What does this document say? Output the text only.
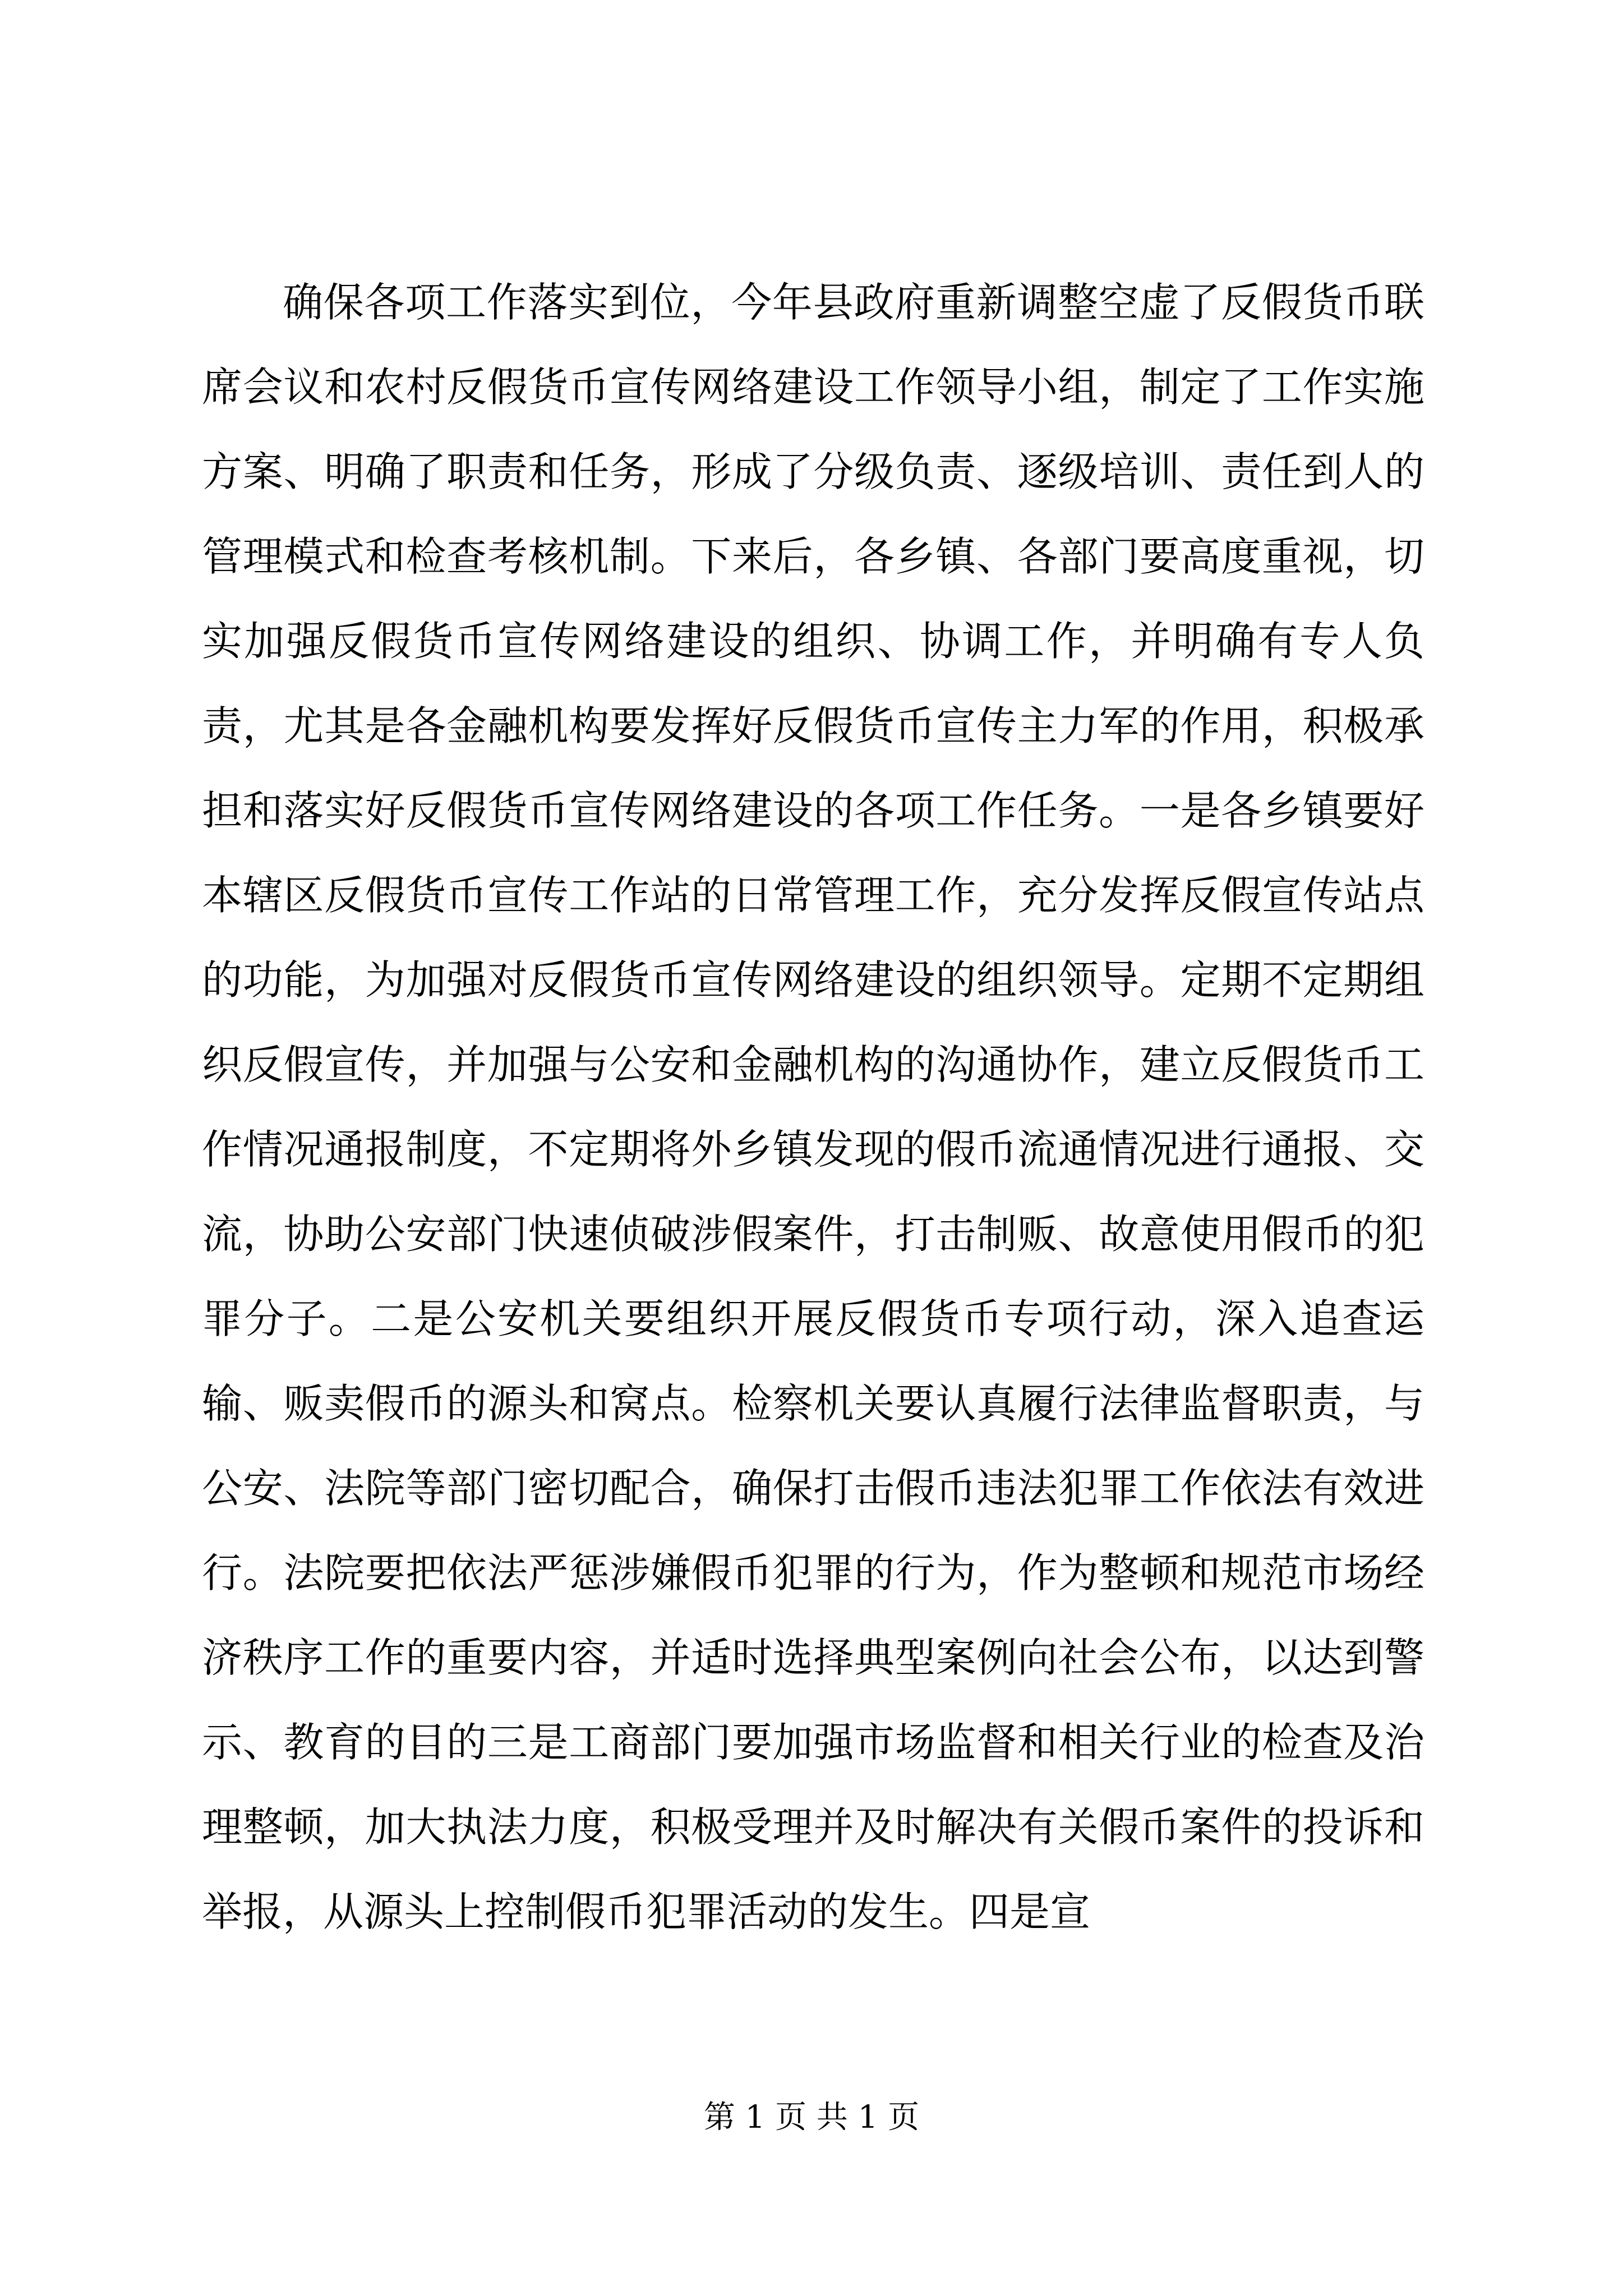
确保各项工作落实到位，今年县政府重新调整空虚了反假货币联席会议和农村反假货币宣传网络建设工作领导小组，制定了工作实施方案、明确了职责和任务，形成了分级负责、逐级培训、责任到人的管理模式和检查考核机制。下来后，各乡镇、各部门要高度重视，切实加强反假货币宣传网络建设的组织、协调工作，并明确有专人负责，尤其是各金融机构要发挥好反假货币宣传主力军的作用，积极承担和落实好反假货币宣传网络建设的各项工作任务。一是各乡镇要好本辖区反假货币宣传工作站的日常管理工作，充分发挥反假宣传站点的功能，为加强对反假货币宣传网络建设的组织领导。定期不定期组织反假宣传，并加强与公安和金融机构的沟通协作，建立反假货币工作情况通报制度，不定期将外乡镇发现的假币流通情况进行通报、交流，协助公安部门快速侦破涉假案件，打击制贩、故意使用假币的犯罪分子。二是公安机关要组织开展反假货币专项行动，深入追查运输、贩卖假币的源头和窝点。检察机关要认真履行法律监督职责，与公安、法院等部门密切配合，确保打击假币违法犯罪工作依法有效进行。法院要把依法严惩涉嫌假币犯罪的行为，作为整顿和规范市场经济秩序工作的重要内容，并适时选择典型案例向社会公布，以达到警示、教育的目的三是工商部门要加强市场监督和相关行业的检查及治理整顿，加大执法力度，积极受理并及时解决有关假币案件的投诉和举报，从源头上控制假币犯罪活动的发生。四是宣

第 1 页 共 1 页
